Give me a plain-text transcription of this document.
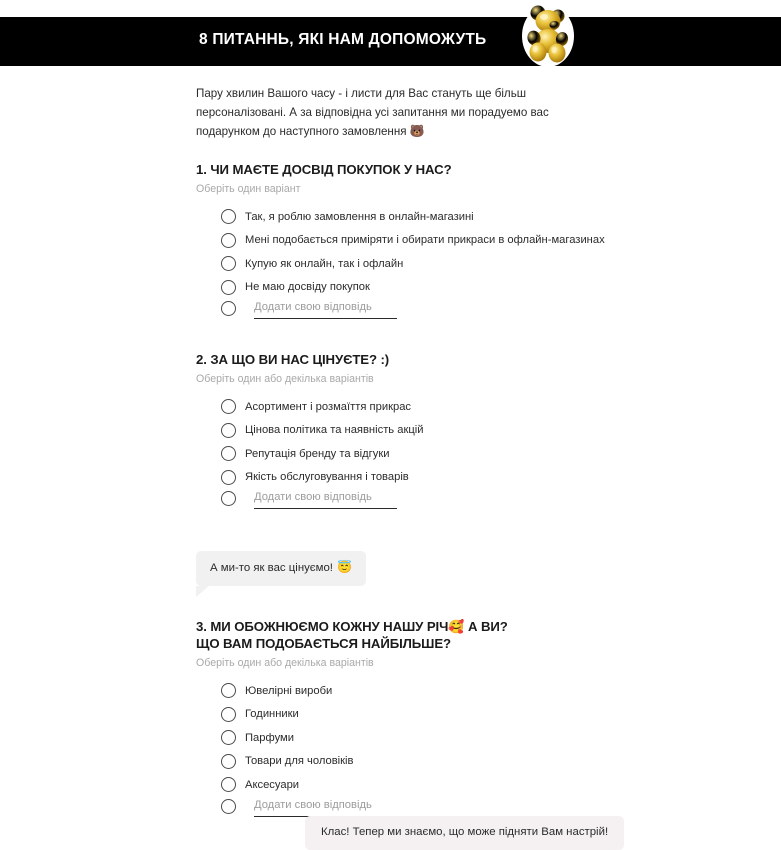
8 ПИТАННЬ, ЯКІ НАМ ДОПОМОЖУТЬ

Пару хвилин Вашого часу - і листи для Вас стануть ще більш персоналізовані. А за відповідна усі запитання ми порадуемо вас подарунком до наступного замовлення 🐻

1. ЧИ МАЄТЕ ДОСВІД ПОКУПОК У НАС?
Оберіть один варіант
Так, я роблю замовлення в онлайн-магазині
Мені подобається приміряти і обирати прикраси в офлайн-магазинах
Купую як онлайн, так і офлайн
Не маю досвіду покупок
Додати свою відповідь
2. ЗА ЩО ВИ НАС ЦІНУЄТЕ? :)
Оберіть один або декілька варіантів
Асортимент і розмаїття прикрас
Цінова політика та наявність акцій
Репутація бренду та відгуки
Якість обслуговування і товарів
Додати свою відповідь
А ми-то як вас цінуємо! 😇
3. МИ ОБОЖНЮЄМО КОЖНУ НАШУ РІЧ🥰 А ВИ?
ЩО ВАМ ПОДОБАЄТЬСЯ НАЙБІЛЬШЕ?
Оберіть один або декілька варіантів
Ювелірні вироби
Годинники
Парфуми
Товари для чоловіків
Аксесуари
Додати свою відповідь
Клас! Тепер ми знаємо, що може підняти Вам настрій!
